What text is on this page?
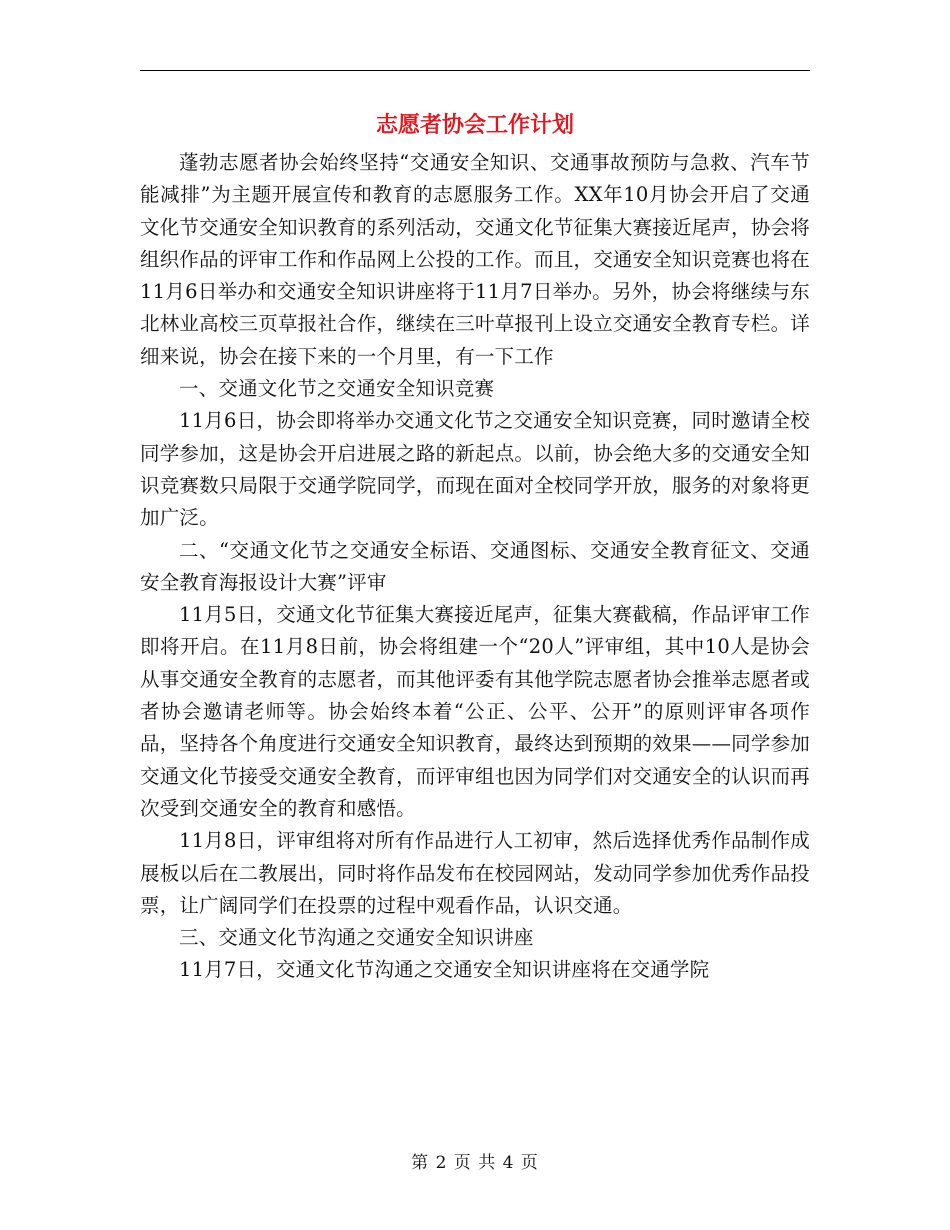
志愿者协会工作计划

蓬勃志愿者协会始终坚持“交通安全知识、交通事故预防与急救、汽车节能减排”为主题开展宣传和教育的志愿服务工作。XX年10月协会开启了交通文化节交通安全知识教育的系列活动，交通文化节征集大赛接近尾声，协会将组织作品的评审工作和作品网上公投的工作。而且，交通安全知识竞赛也将在11月6日举办和交通安全知识讲座将于11月7日举办。另外，协会将继续与东北林业高校三页草报社合作，继续在三叶草报刊上设立交通安全教育专栏。详细来说，协会在接下来的一个月里，有一下工作

一、交通文化节之交通安全知识竞赛

11月6日，协会即将举办交通文化节之交通安全知识竞赛，同时邀请全校同学参加，这是协会开启进展之路的新起点。以前，协会绝大多的交通安全知识竞赛数只局限于交通学院同学，而现在面对全校同学开放，服务的对象将更加广泛。

二、“交通文化节之交通安全标语、交通图标、交通安全教育征文、交通安全教育海报设计大赛”评审

11月5日，交通文化节征集大赛接近尾声，征集大赛截稿，作品评审工作即将开启。在11月8日前，协会将组建一个“20人”评审组，其中10人是协会从事交通安全教育的志愿者，而其他评委有其他学院志愿者协会推举志愿者或者协会邀请老师等。协会始终本着“公正、公平、公开”的原则评审各项作品，坚持各个角度进行交通安全知识教育，最终达到预期的效果——同学参加交通文化节接受交通安全教育，而评审组也因为同学们对交通安全的认识而再次受到交通安全的教育和感悟。

11月8日，评审组将对所有作品进行人工初审，然后选择优秀作品制作成展板以后在二教展出，同时将作品发布在校园网站，发动同学参加优秀作品投票，让广阔同学们在投票的过程中观看作品，认识交通。

三、交通文化节沟通之交通安全知识讲座

11月7日，交通文化节沟通之交通安全知识讲座将在交通学院

第 2 页 共 4 页
